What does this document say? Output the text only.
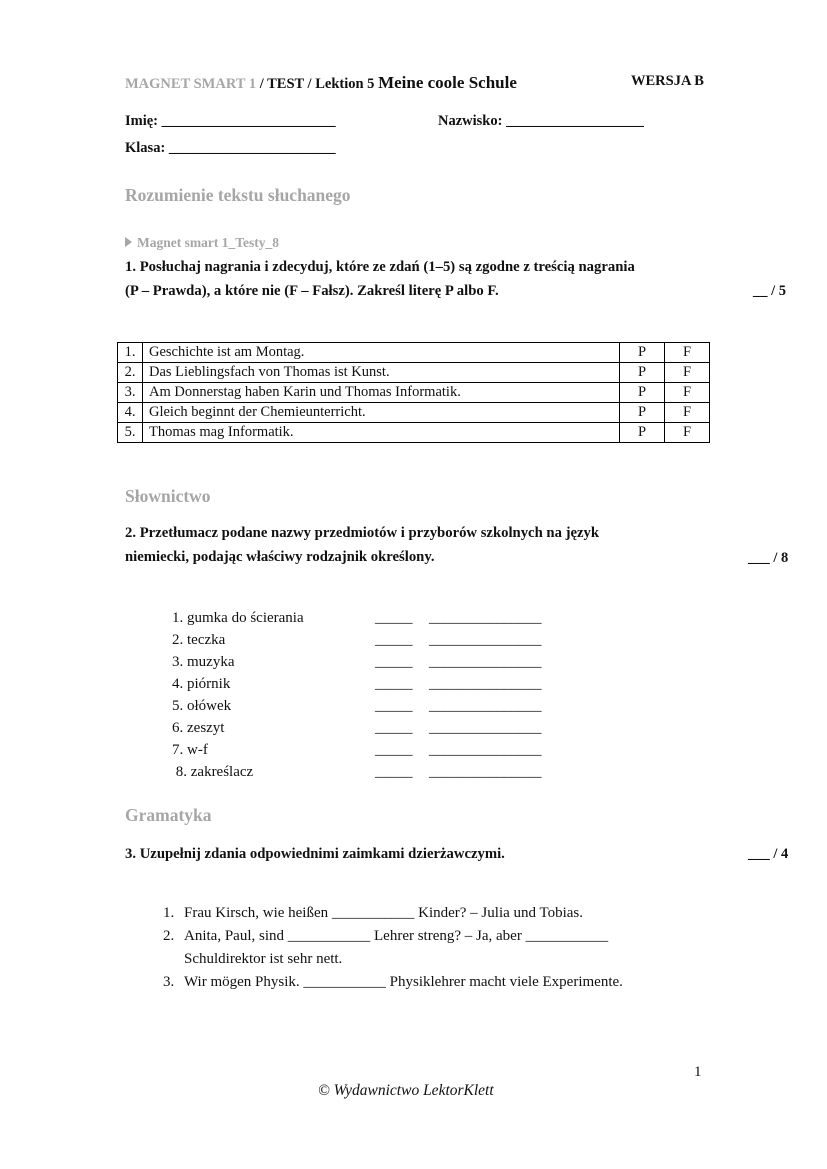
MAGNET SMART 1 / TEST / Lektion 5 Meine coole Schule	WERSJA B
Imię: ________________________	Nazwisko: ___________________
Klasa: _______________________
Rozumienie tekstu słuchanego
Magnet smart 1_Testy_8
1. Posłuchaj nagrania i zdecyduj, które ze zdań (1–5) są zgodne z treścią nagrania
(P – Prawda), a które nie (F – Fałsz). Zakreśl literę P albo F.	__ / 5
1.	Geschichte ist am Montag.	P	F
2.	Das Lieblingsfach von Thomas ist Kunst.	P	F
3.	Am Donnerstag haben Karin und Thomas Informatik.	P	F
4.	Gleich beginnt der Chemieunterricht.	P	F
5.	Thomas mag Informatik.	P	F
Słownictwo
2. Przetłumacz podane nazwy przedmiotów i przyborów szkolnych na język
niemiecki, podając właściwy rodzajnik określony.	___ / 8
1. gumka do ścierania	_____ _______________
2. teczka	_____ _______________
3. muzyka	_____ _______________
4. piórnik	_____ _______________
5. ołówek	_____ _______________
6. zeszyt	_____ _______________
7. w-f	_____ _______________
8. zakreślacz	_____ _______________
Gramatyka
3. Uzupełnij zdania odpowiednimi zaimkami dzierżawczymi.	___ / 4
1. Frau Kirsch, wie heißen ___________ Kinder? – Julia und Tobias.
2. Anita, Paul, sind ___________ Lehrer streng? – Ja, aber ___________
Schuldirektor ist sehr nett.
3. Wir mögen Physik. ___________ Physiklehrer macht viele Experimente.
1
© Wydawnictwo LektorKlett
